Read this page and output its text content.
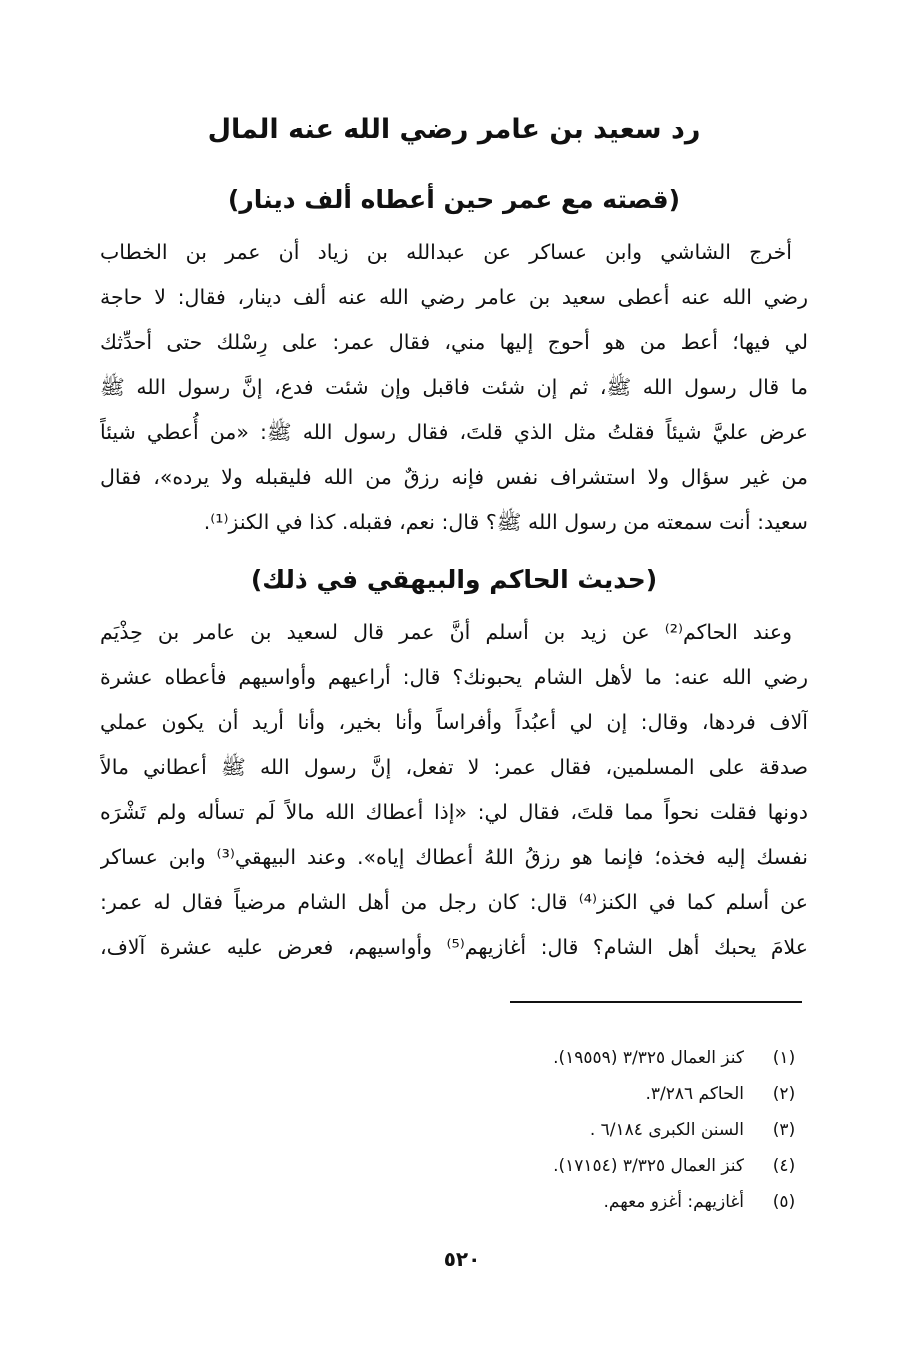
رد سعيد بن عامر رضي الله عنه المال
(قصته مع عمر حين أعطاه ألف دينار)
أخرج الشاشي وابن عساكر عن عبدالله بن زياد أن عمر بن الخطاب
رضي الله عنه أعطى سعيد بن عامر رضي الله عنه ألف دينار، فقال: لا حاجة
لي فيها؛ أعط من هو أحوج إليها مني، فقال عمر: على رِسْلك حتى أحدِّثك
ما قال رسول الله ﷺ، ثم إن شئت فاقبل وإن شئت فدع، إنَّ رسول الله ﷺ
عرض عليَّ شيئاً فقلتُ مثل الذي قلتَ، فقال رسول الله ﷺ: «من أُعطي شيئاً
من غير سؤال ولا استشراف نفس فإنه رزقٌ من الله فليقبله ولا يرده»، فقال
سعيد: أنت سمعته من رسول الله ﷺ؟ قال: نعم، فقبله. كذا في الكنز⁽¹⁾.
(حديث الحاكم والبيهقي في ذلك)
وعند الحاكم⁽²⁾ عن زيد بن أسلم أنَّ عمر قال لسعيد بن عامر بن حِذْيَم
رضي الله عنه: ما لأهل الشام يحبونك؟ قال: أراعيهم وأواسيهم فأعطاه عشرة
آلاف فردها، وقال: إن لي أعبُداً وأفراساً وأنا بخير، وأنا أريد أن يكون عملي
صدقة على المسلمين، فقال عمر: لا تفعل، إنَّ رسول الله ﷺ أعطاني مالاً
دونها فقلت نحواً مما قلتَ، فقال لي: «إذا أعطاك الله مالاً لَم تسأله ولم تَشْرَه
نفسك إليه فخذه؛ فإنما هو رزقُ اللهُ أعطاك إياه». وعند البيهقي⁽³⁾ وابن عساكر
عن أسلم كما في الكنز⁽⁴⁾ قال: كان رجل من أهل الشام مرضياً فقال له عمر:
علامَ يحبك أهل الشام؟ قال: أغازيهم⁽⁵⁾ وأواسيهم، فعرض عليه عشرة آلاف،
(١)
كنز العمال ٣/٣٢٥ (١٩٥٥٩).
(٢)
الحاكم ٣/٢٨٦.
(٣)
السنن الكبرى ٦/١٨٤ .
(٤)
كنز العمال ٣/٣٢٥ (١٧١٥٤).
(٥)
أغازيهم: أغزو معهم.
٥٢٠
